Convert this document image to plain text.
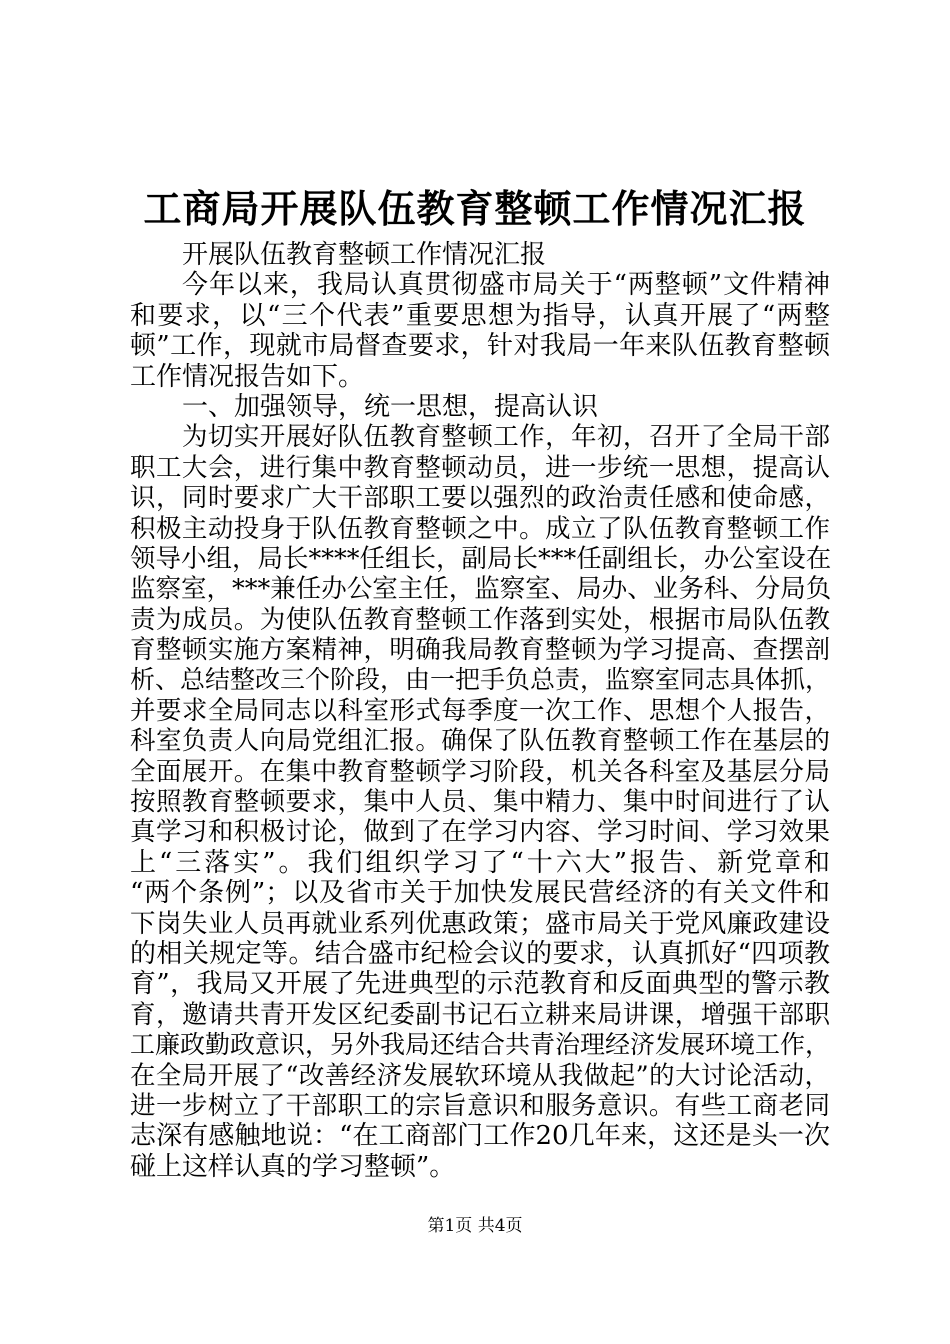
工商局开展队伍教育整顿工作情况汇报
开展队伍教育整顿工作情况汇报
今年以来，我局认真贯彻盛市局关于“两整顿”文件精神
和要求，以“三个代表”重要思想为指导，认真开展了“两整
顿”工作，现就市局督查要求，针对我局一年来队伍教育整顿
工作情况报告如下。
一、加强领导，统一思想，提高认识
为切实开展好队伍教育整顿工作，年初，召开了全局干部
职工大会，进行集中教育整顿动员，进一步统一思想，提高认
识，同时要求广大干部职工要以强烈的政治责任感和使命感，
积极主动投身于队伍教育整顿之中。成立了队伍教育整顿工作
领导小组，局长****任组长，副局长***任副组长，办公室设在
监察室，***兼任办公室主任，监察室、局办、业务科、分局负
责为成员。为使队伍教育整顿工作落到实处，根据市局队伍教
育整顿实施方案精神，明确我局教育整顿为学习提高、查摆剖
析、总结整改三个阶段，由一把手负总责，监察室同志具体抓，
并要求全局同志以科室形式每季度一次工作、思想个人报告，
科室负责人向局党组汇报。确保了队伍教育整顿工作在基层的
全面展开。在集中教育整顿学习阶段，机关各科室及基层分局
按照教育整顿要求，集中人员、集中精力、集中时间进行了认
真学习和积极讨论，做到了在学习内容、学习时间、学习效果
上“三落实”。我们组织学习了“十六大”报告、新党章和
“两个条例”；以及省市关于加快发展民营经济的有关文件和
下岗失业人员再就业系列优惠政策；盛市局关于党风廉政建设
的相关规定等。结合盛市纪检会议的要求，认真抓好“四项教
育”，我局又开展了先进典型的示范教育和反面典型的警示教
育，邀请共青开发区纪委副书记石立耕来局讲课，增强干部职
工廉政勤政意识，另外我局还结合共青治理经济发展环境工作，
在全局开展了“改善经济发展软环境从我做起”的大讨论活动，
进一步树立了干部职工的宗旨意识和服务意识。有些工商老同
志深有感触地说：“在工商部门工作20几年来，这还是头一次
碰上这样认真的学习整顿”。
第1页 共4页
